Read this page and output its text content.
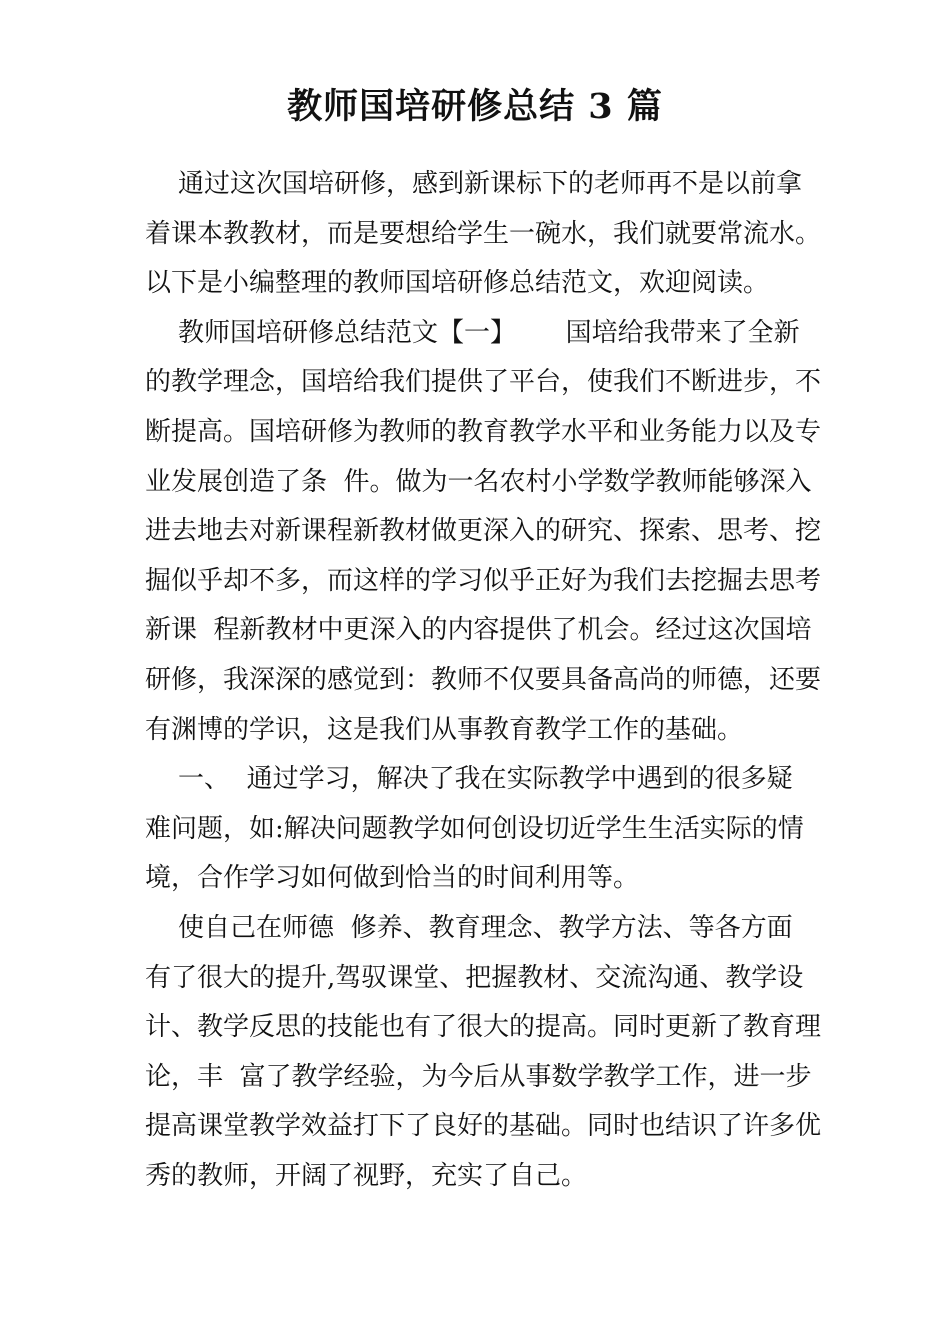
教师国培研修总结 3 篇
通过这次国培研修，感到新课标下的老师再不是以前拿
着课本教教材，而是要想给学生一碗水，我们就要常流水。
以下是小编整理的教师国培研修总结范文，欢迎阅读。
教师国培研修总结范文【一】      国培给我带来了全新
的教学理念，国培给我们提供了平台，使我们不断进步，不
断提高。国培研修为教师的教育教学水平和业务能力以及专
业发展创造了条  件。做为一名农村小学数学教师能够深入
进去地去对新课程新教材做更深入的研究、探索、思考、挖
掘似乎却不多，而这样的学习似乎正好为我们去挖掘去思考
新课  程新教材中更深入的内容提供了机会。经过这次国培
研修，我深深的感觉到：教师不仅要具备高尚的师德，还要
有渊博的学识，这是我们从事教育教学工作的基础。
一、  通过学习，解决了我在实际教学中遇到的很多疑
难问题，如:解决问题教学如何创设切近学生生活实际的情
境，合作学习如何做到恰当的时间利用等。
使自己在师德  修养、教育理念、教学方法、等各方面
有了很大的提升,驾驭课堂、把握教材、交流沟通、教学设
计、教学反思的技能也有了很大的提高。同时更新了教育理
论，丰  富了教学经验，为今后从事数学教学工作，进一步
提高课堂教学效益打下了良好的基础。同时也结识了许多优
秀的教师，开阔了视野，充实了自己。
